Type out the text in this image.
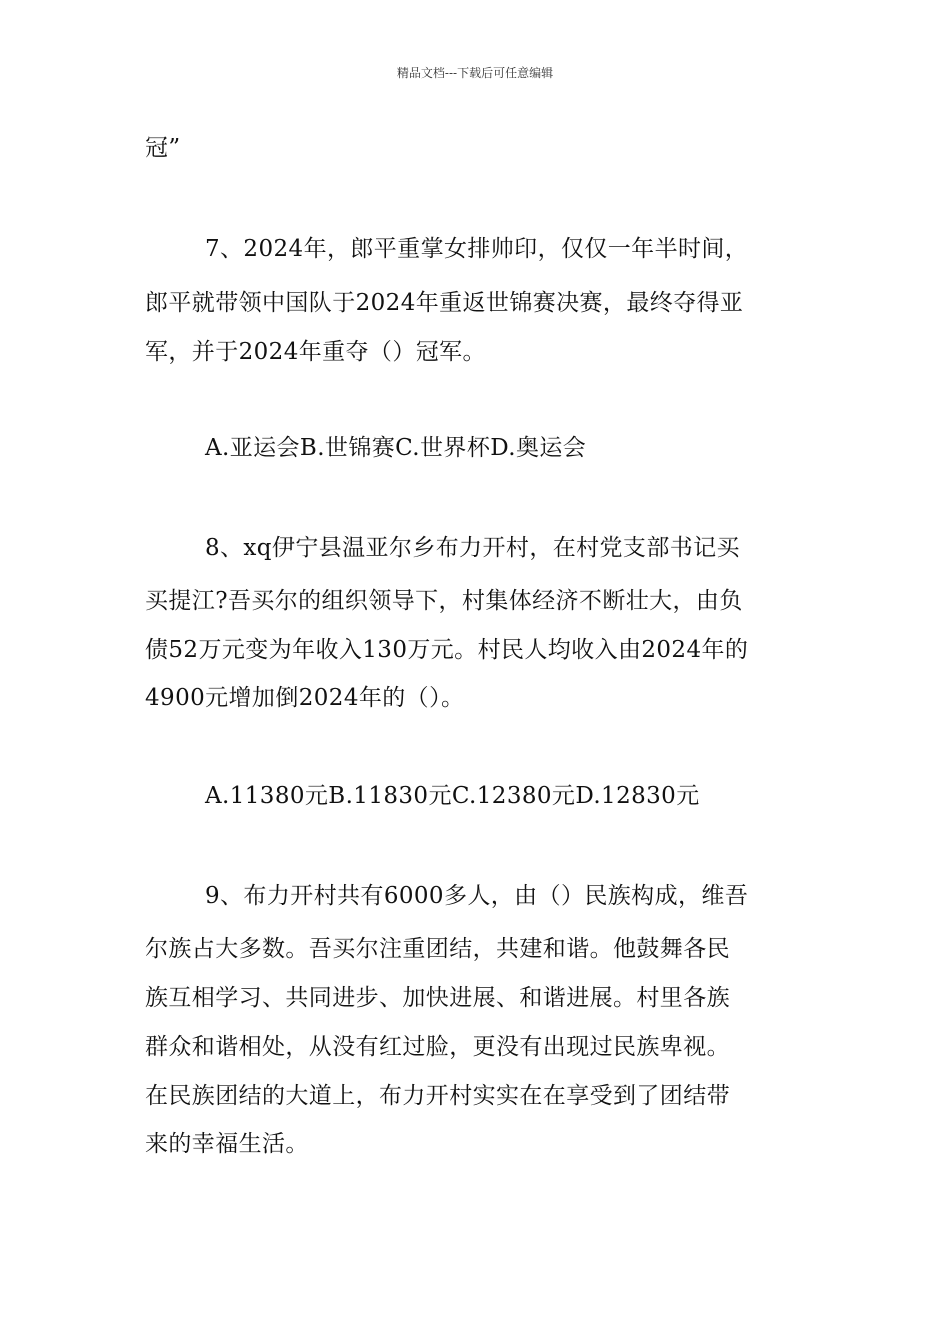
精品文档---下载后可任意编辑
冠”
7、2024年，郎平重掌女排帅印，仅仅一年半时间，
郎平就带领中国队于2024年重返世锦赛决赛，最终夺得亚
军，并于2024年重夺（）冠军。
A.亚运会B.世锦赛C.世界杯D.奥运会
8、xq伊宁县温亚尔乡布力开村，在村党支部书记买
买提江?吾买尔的组织领导下，村集体经济不断壮大，由负
债52万元变为年收入130万元。村民人均收入由2024年的
4900元增加倒2024年的（）。
A.11380元B.11830元C.12380元D.12830元
9、布力开村共有6000多人，由（）民族构成，维吾
尔族占大多数。吾买尔注重团结，共建和谐。他鼓舞各民
族互相学习、共同进步、加快进展、和谐进展。村里各族
群众和谐相处，从没有红过脸，更没有出现过民族卑视。
在民族团结的大道上，布力开村实实在在享受到了团结带
来的幸福生活。
